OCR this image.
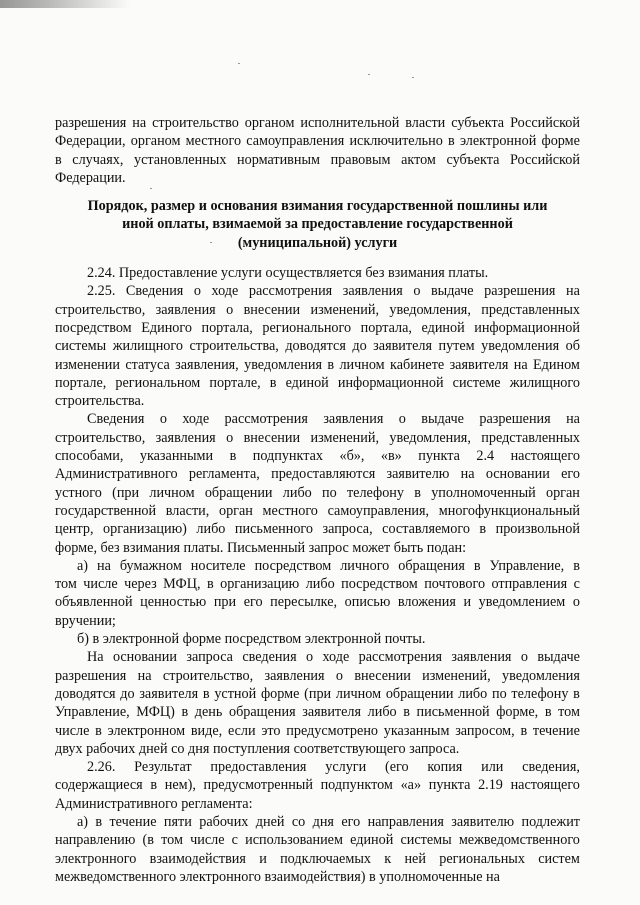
разрешения на строительство органом исполнительной власти субъекта Российской
Федерации, органом местного самоуправления исключительно в электронной форме
в случаях, установленных нормативным правовым актом субъекта Российской
Федерации.
Порядок, размер и основания взимания государственной пошлины или
иной оплаты, взимаемой за предоставление государственной
(муниципальной) услуги
2.24. Предоставление услуги осуществляется без взимания платы.
2.25. Сведения о ходе рассмотрения заявления о выдаче разрешения на
строительство, заявления о внесении изменений, уведомления, представленных
посредством Единого портала, регионального портала, единой информационной
системы жилищного строительства, доводятся до заявителя путем уведомления об
изменении статуса заявления, уведомления в личном кабинете заявителя на Едином
портале, региональном портале, в единой информационной системе жилищного
строительства.
Сведения о ходе рассмотрения заявления о выдаче разрешения на
строительство, заявления о внесении изменений, уведомления, представленных
способами, указанными в подпунктах «б», «в» пункта 2.4 настоящего
Административного регламента, предоставляются заявителю на основании его
устного (при личном обращении либо по телефону в уполномоченный орган
государственной власти, орган местного самоуправления, многофункциональный
центр, организацию) либо письменного запроса, составляемого в произвольной
форме, без взимания платы. Письменный запрос может быть подан:
а) на бумажном носителе посредством личного обращения в Управление, в
том числе через МФЦ, в организацию либо посредством почтового отправления с
объявленной ценностью при его пересылке, описью вложения и уведомлением о
вручении;
б) в электронной форме посредством электронной почты.
На основании запроса сведения о ходе рассмотрения заявления о выдаче
разрешения на строительство, заявления о внесении изменений, уведомления
доводятся до заявителя в устной форме (при личном обращении либо по телефону в
Управление, МФЦ) в день обращения заявителя либо в письменной форме, в том
числе в электронном виде, если это предусмотрено указанным запросом, в течение
двух рабочих дней со дня поступления соответствующего запроса.
2.26. Результат предоставления услуги (его копия или сведения,
содержащиеся в нем), предусмотренный подпунктом «а» пункта 2.19 настоящего
Административного регламента:
а) в течение пяти рабочих дней со дня его направления заявителю подлежит
направлению (в том числе с использованием единой системы межведомственного
электронного взаимодействия и подключаемых к ней региональных систем
межведомственного электронного взаимодействия) в уполномоченные на
